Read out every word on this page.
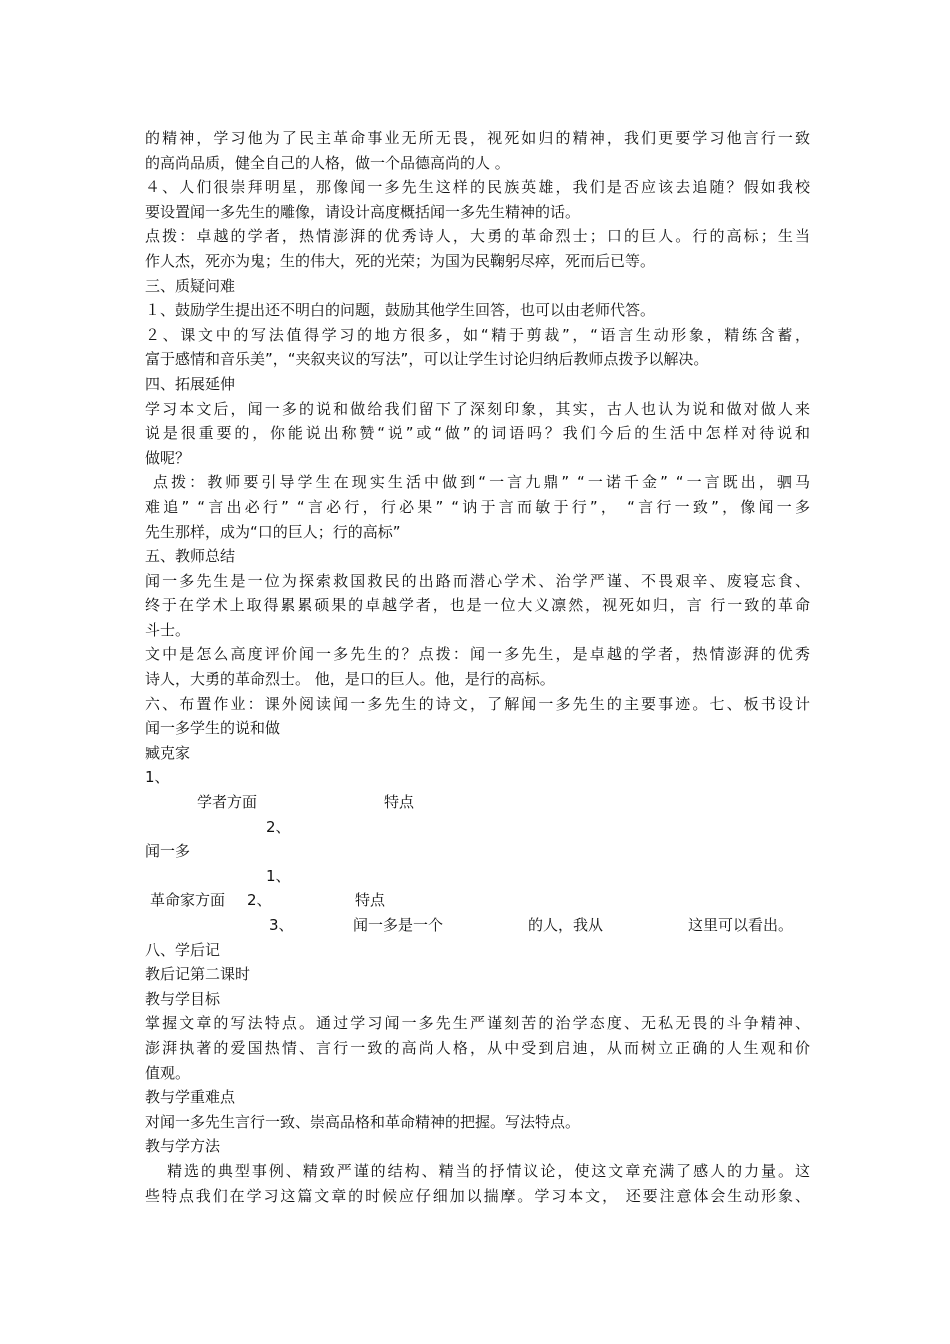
的精神，学习他为了民主革命事业无所无畏，视死如归的精神，我们更要学习他言行一致
的高尚品质，健全自己的人格，做一个品德高尚的人 。
４、人们很崇拜明星，那像闻一多先生这样的民族英雄，我们是否应该去追随？假如我校
要设置闻一多先生的雕像，请设计高度概括闻一多先生精神的话。
点拨：卓越的学者，热情澎湃的优秀诗人，大勇的革命烈士；口的巨人。行的高标；生当
作人杰，死亦为鬼；生的伟大，死的光荣；为国为民鞠躬尽瘁，死而后已等。
三、质疑问难
１、鼓励学生提出还不明白的问题，鼓励其他学生回答，也可以由老师代答。
２、课文中的写法值得学习的地方很多，如“精于剪裁”，“语言生动形象，精练含蓄，
富于感情和音乐美”，“夹叙夹议的写法”，可以让学生讨论归纳后教师点拨予以解决。
四、拓展延伸
学习本文后，闻一多的说和做给我们留下了深刻印象，其实，古人也认为说和做对做人来
说是很重要的，你能说出称赞“说”或“做”的词语吗？我们今后的生活中怎样对待说和
做呢？
点拨：教师要引导学生在现实生活中做到“一言九鼎” “一诺千金” “一言既出，驷马
难追” “言出必行” “言必行，行必果” “讷于言而敏于行”， “言行一致”，像闻一多
先生那样，成为“口的巨人；行的高标”
五、教师总结
闻一多先生是一位为探索救国救民的出路而潜心学术、治学严谨、不畏艰辛、废寝忘食、
终于在学术上取得累累硕果的卓越学者，也是一位大义凛然，视死如归，言 行一致的革命
斗士。
文中是怎么高度评价闻一多先生的？点拨：闻一多先生，是卓越的学者，热情澎湃的优秀
诗人，大勇的革命烈士。 他，是口的巨人。他，是行的高标。
六、布置作业：课外阅读闻一多先生的诗文，了解闻一多先生的主要事迹。七、板书设计
闻一多学生的说和做
臧克家
1、
学者方面	特点
2、
闻一多
1、
革命家方面 2、	特点
3、	闻一多是一个	的人，我从	这里可以看出。
八、学后记
教后记第二课时
教与学目标
掌握文章的写法特点。通过学习闻一多先生严谨刻苦的治学态度、无私无畏的斗争精神、
澎湃执著的爱国热情、言行一致的高尚人格，从中受到启迪，从而树立正确的人生观和价
值观。
教与学重难点
对闻一多先生言行一致、崇高品格和革命精神的把握。写法特点。
教与学方法
精选的典型事例、精致严谨的结构、精当的抒情议论，使这文章充满了感人的力量。这
些特点我们在学习这篇文章的时候应仔细加以揣摩。学习本文， 还要注意体会生动形象、
